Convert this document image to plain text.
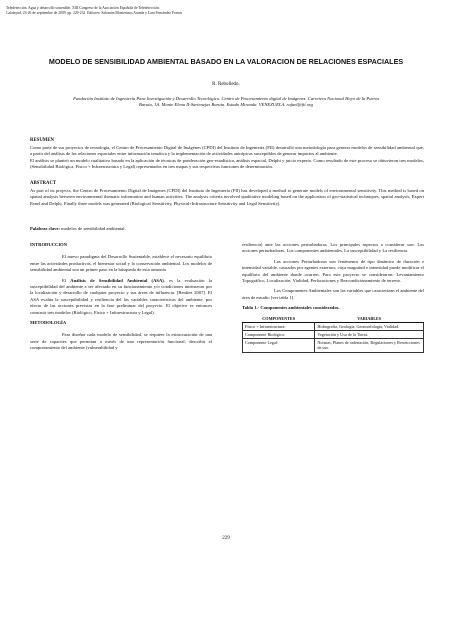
Teledetección. Agua y desarrollo sostenible. XIII Congreso de la Asociación Española de Teledetección.
Calatayud, 23-26 de septiembre de 2009. pp. 229-232. Editores: Salomón Montesinos Aranda y Lara Fernández Fornos
MODELO DE SENSIBILIDAD AMBIENTAL BASADO EN LA VALORACION DE RELACIONES ESPACIALES
R. Rebolledo.
Fundación Instituto de Ingeniería Para Investigación y Desarrollo Tecnológico. Centro de Procesamiento digital de Imágenes. Carretera Nacional Hoyo de la Puerta Baruta, 1A. Monte Elena II-Sartenejas Baruta. Estado Miranda. VENEZUELA. rafael@fii.org
RESUMEN

Como parte de sus proyectos de tecnología, el Centro de Procesamiento Digital de Imágenes (CPDI) del Instituto de Ingeniería (FII) desarrolló una metodología para generar modelos de sensibilidad ambiental que, a partir del análisis de las relaciones espaciales entre información temática y la implementación de actividades antrópicas susceptibles de generar impactos al ambiente.

El análisis se planteó un modelo cualitativo basado en la aplicación de técnicas de ponderación geo-estadística, análisis espacial, Delphi y juicio experto. Como resultado de este proceso se obtuvieron tres modelos, (Sensibilidad Biológica, Físico + Infraestructura y Legal) representados en tres mapas y sus respectivas funciones de determinación.

ABSTRACT
As part of its projects, the Centro de Procesamiento Digital de Imágenes (CPDI) del Instituto de Ingeniería (FII) has developed a method to generate models of environmental sensitivity. This method is based on spatial analysis between environmental thematic information and human activities. The analysis criteria involved qualitative modeling based on the application of geo-statistical techniques, spatial analysis, Expert Panel and Delphi. Finally three models was generated (Biological Sensitivity, Physical+Infrastructure Sensitivity and Legal Sensitivity).
Palabras clave: modelos de sensibilidad ambiental.

INTRODUCCION

El nuevo paradigma del Desarrollo Sustentable, establece el necesario equilibrio entre las actividades productivas, el bienestar social y la conservación ambiental. Los modelos de sensibilidad ambiental son un primer paso en la búsqueda de esta armonía

El Análisis de Sensibilidad Ambiental (ASA), es la evaluación la susceptibilidad del ambiente a ser afectado en su funcionamiento y/o condiciones intrínsecas por la localización y desarrollo de cualquier proyecto y sus áreas de influencia. [Benítez 2007]. El ASA evalúa la susceptibilidad y resiliencia del las variables características del ambiente, por efecto de las acciones previstas en la fase preliminar del proyecto. El objetivo es entonces construir tres modelos (Biológico, Físico + Infraestructura y Legal).

METODOLOGÍA

Para diseñar cada modelo de sensibilidad, se requiere la estructuración de una serie de capacites que permitan a través de una representación funcional, describir el comportamiento del ambiente (vulnerabilidad y

resiliencia) ante las acciones perturbadoras. Los principales aspectos a considerar son: Las acciones perturbadoras, Los componentes ambientales, La susceptibilidad y La resiliencia.

Las acciones Perturbadoras son fenómenos de tipo dinámico de duración e intensidad variable, causados por agentes externos; cuya magnitud e intensidad puede modificar el equilibrio del ambiente donde ocurren. Para este proyecto se consideraron: Levantamiento Topográfico, Localización, Vialidad, Perforaciones y Reacondicionamiento de terreno.

Los Componentes Ambientales son las variables que caracterizan el ambiente del área de estudio [ver tabla 1].

Tabla 1.- Componentes ambientales considerados.

COMPONENTES	VARIABLES
Físico + Infraestructura:	Hidrografía, Geología, Geomorfología, Vialidad.
Componente Biológico:	Vegetación y Uso de la Tierra.
Componente Legal:	Normas, Planes de ordenación, Regulaciones y Restricciones de uso.
229
